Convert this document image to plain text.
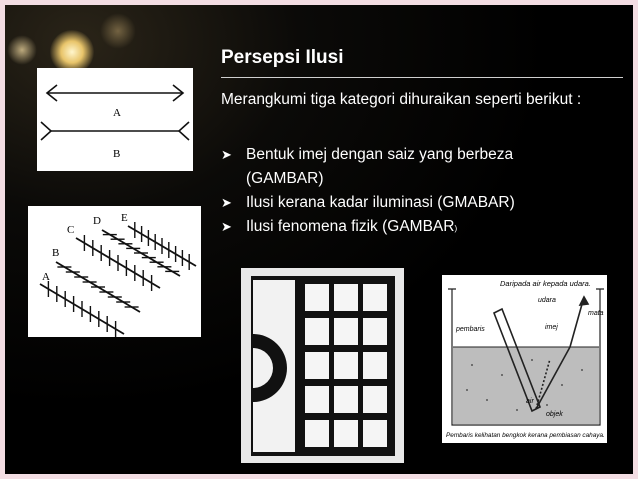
Persepsi Ilusi
Merangkumi tiga kategori dihuraikan seperti berikut :
➤ Bentuk imej dengan saiz yang berbeza
(GAMBAR)
➤ Ilusi kerana kadar iluminasi (GMABAR)
➤ Ilusi fenomena fizik (GAMBAR)
A
B
A
B
C
D E
Daripada air kepada udara.
udara
mata
imej
pembaris
air
objek
Pembaris kelihatan bengkok kerana pembiasan cahaya.
